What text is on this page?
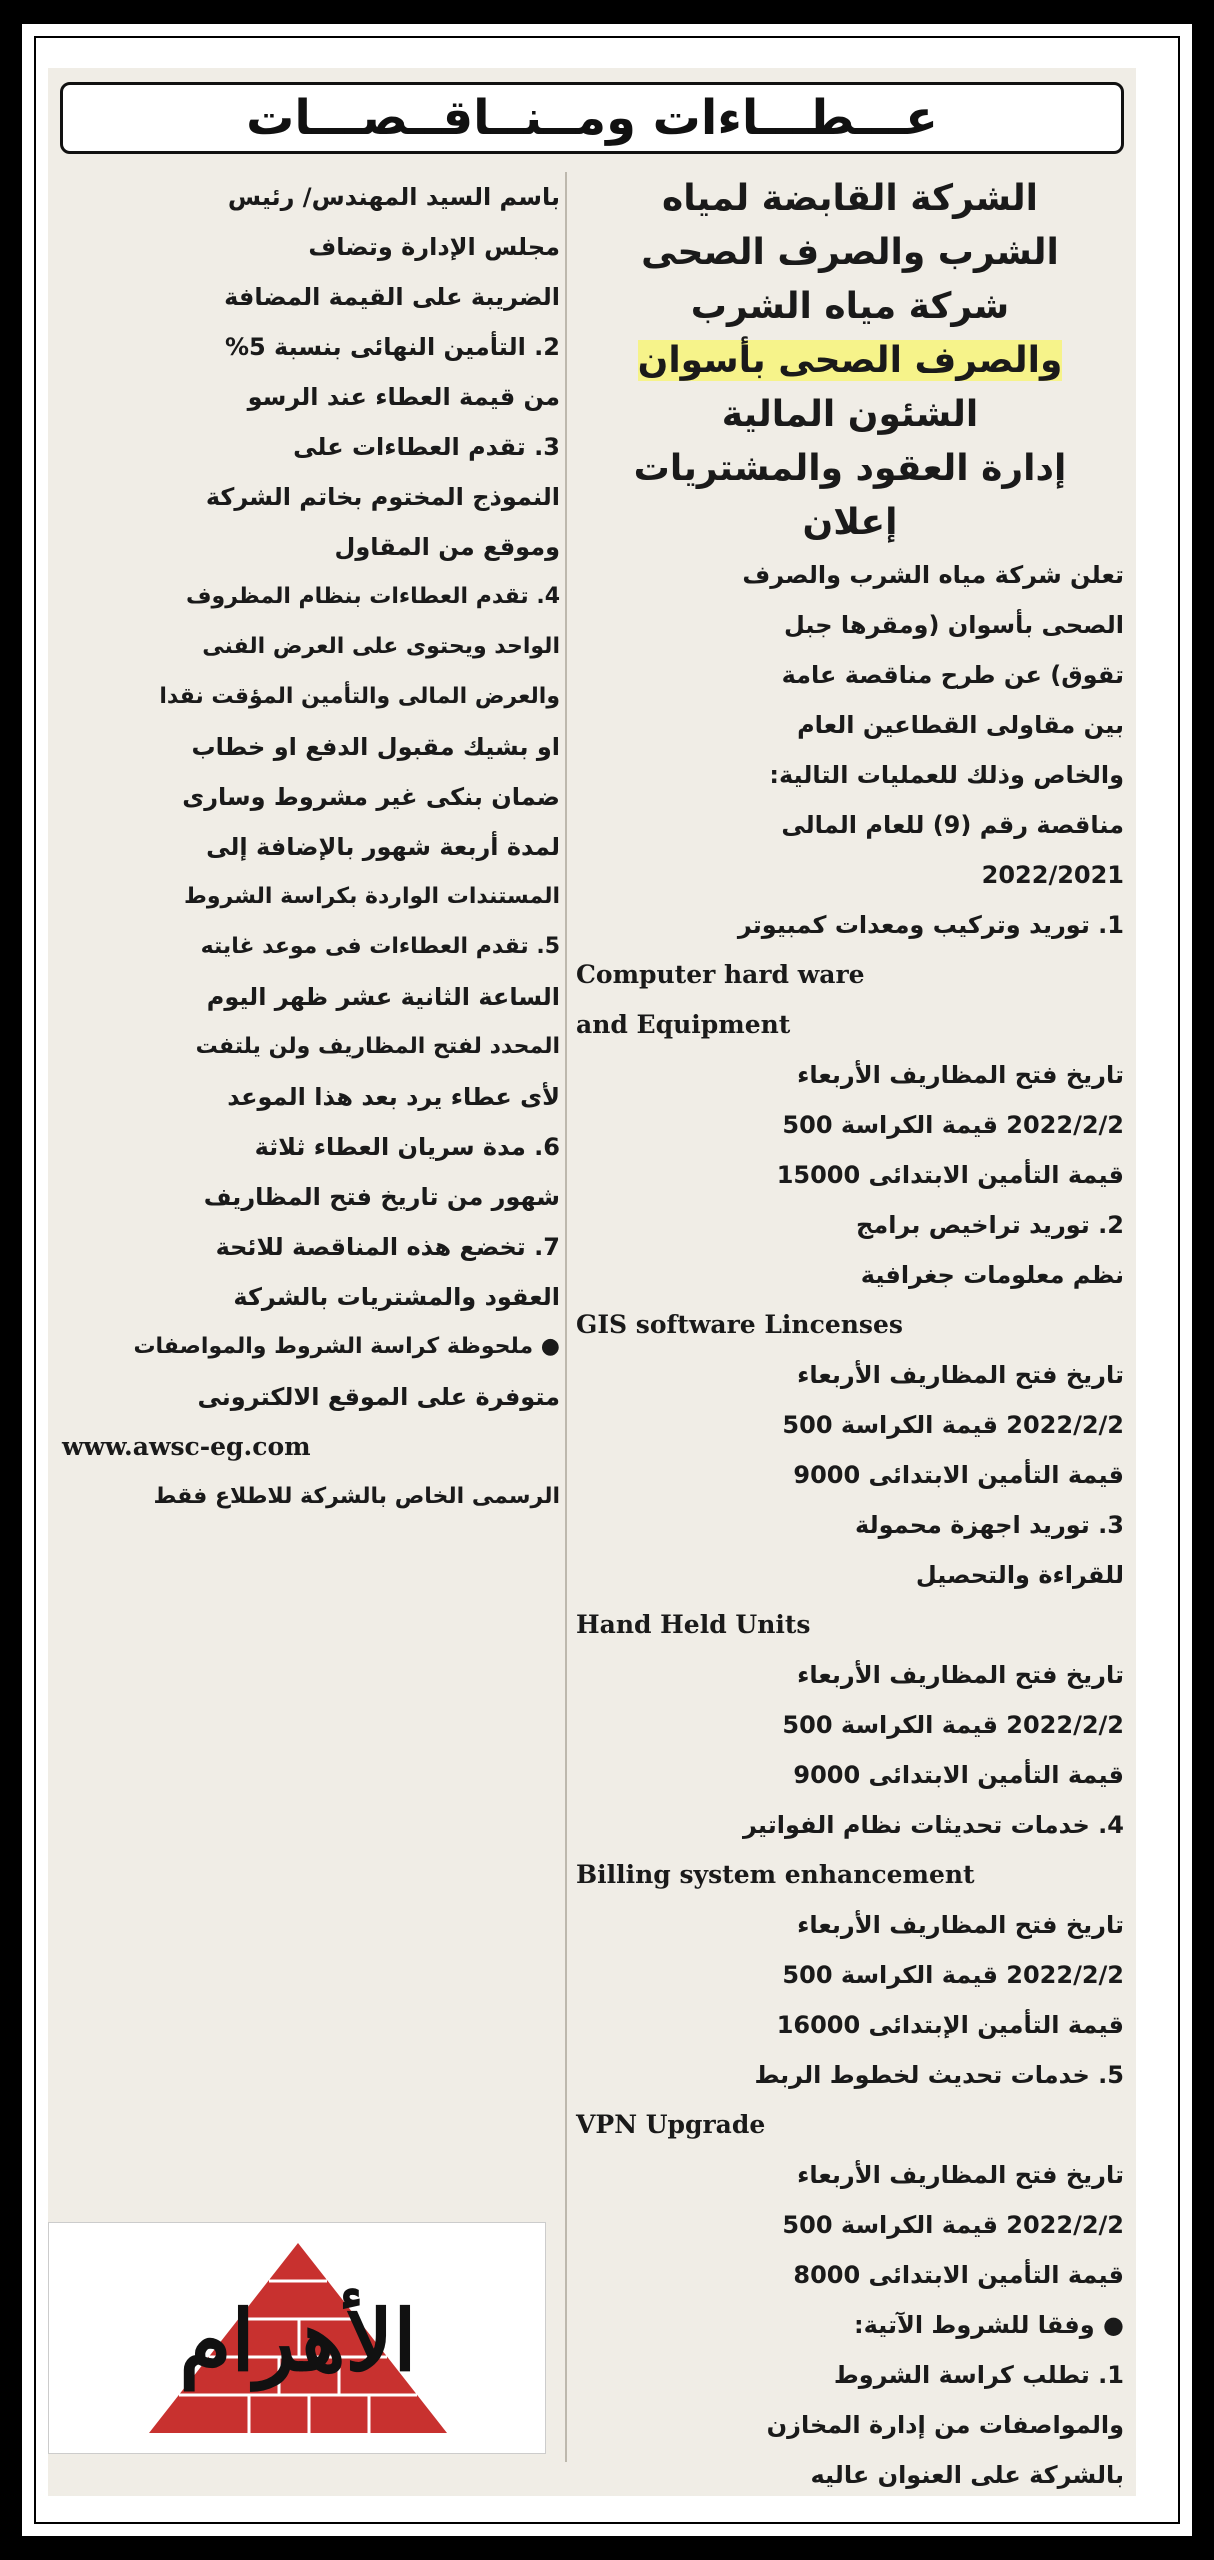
عـــطـــاءات ومــنــاقــصـــات
الشركة القابضة لمياه
الشرب والصرف الصحى
شركة مياه الشرب
والصرف الصحى بأسوان
الشئون المالية
إدارة العقود والمشتريات
إعلان
تعلن شركة مياه الشرب والصرف
الصحى بأسوان (ومقرها جبل
تقوق) عن طرح مناقصة عامة
بين مقاولى القطاعين العام
والخاص وذلك للعمليات التالية:
مناقصة رقم (9) للعام المالى
2022/2021
1. توريد وتركيب ومعدات كمبيوتر
Computer hard ware
and Equipment
تاريخ فتح المظاريف الأربعاء
2022/2/2 قيمة الكراسة 500
قيمة التأمين الابتدائى 15000
2. توريد تراخيص برامج
نظم معلومات جغرافية
GIS software Lincenses
تاريخ فتح المظاريف الأربعاء
2022/2/2 قيمة الكراسة 500
قيمة التأمين الابتدائى 9000
3. توريد اجهزة محمولة
للقراءة والتحصيل
Hand Held Units
تاريخ فتح المظاريف الأربعاء
2022/2/2 قيمة الكراسة 500
قيمة التأمين الابتدائى 9000
4. خدمات تحديثات نظام الفواتير
Billing system enhancement
تاريخ فتح المظاريف الأربعاء
2022/2/2 قيمة الكراسة 500
قيمة التأمين الإبتدائى 16000
5. خدمات تحديث لخطوط الربط
VPN Upgrade
تاريخ فتح المظاريف الأربعاء
2022/2/2 قيمة الكراسة 500
قيمة التأمين الابتدائى 8000
● وفقا للشروط الآتية:
1. تطلب كراسة الشروط
والمواصفات من إدارة المخازن
بالشركة على العنوان عاليه
باسم السيد المهندس/ رئيس
مجلس الإدارة وتضاف
الضريبة على القيمة المضافة
2. التأمين النهائى بنسبة 5%
من قيمة العطاء عند الرسو
3. تقدم العطاءات على
النموذج المختوم بخاتم الشركة
وموقع من المقاول
4. تقدم العطاءات بنظام المظروف
الواحد ويحتوى على العرض الفنى
والعرض المالى والتأمين المؤقت نقدا
او بشيك مقبول الدفع او خطاب
ضمان بنكى غير مشروط وسارى
لمدة أربعة شهور بالإضافة إلى
المستندات الواردة بكراسة الشروط
5. تقدم العطاءات فى موعد غايته
الساعة الثانية عشر ظهر اليوم
المحدد لفتح المظاريف ولن يلتفت
لأى عطاء يرد بعد هذا الموعد
6. مدة سريان العطاء ثلاثة
شهور من تاريخ فتح المظاريف
7. تخضع هذه المناقصة للائحة
العقود والمشتريات بالشركة
● ملحوظة كراسة الشروط والمواصفات
متوفرة على الموقع الالكترونى
www.awsc-eg.com
الرسمى الخاص بالشركة للاطلاع فقط
الأهرام
